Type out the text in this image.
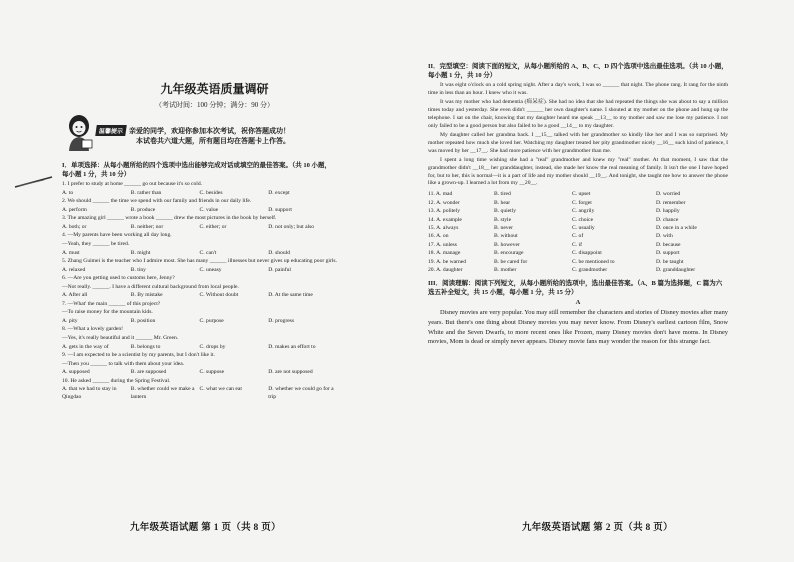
九年级英语质量调研
（考试时间：100 分钟；满分：90 分）
温馨提示 亲爱的同学，欢迎你参加本次考试，祝你答题成功！
本试卷共六道大题，所有题目均在答题卡上作答。
I．单项选择：从每小题所给的四个选项中选出能够完成对话或填空的最佳答案。（共 10 小题，每小题 1 分，共 10 分）
1. I prefer to study at home ______ go out because it's so cold.
A. to	B. rather than	C. besides	D. except
2. We should ______ the time we spend with our family and friends in our daily life.
A. perform	B. produce	C. value	D. support
3. The amazing girl ______ wrote a book ______ drew the most pictures in the book by herself.
A. both; or	B. neither; nor	C. either; or	D. not only; but also
4. —My parents have been working all day long.
—Yeah, they ______ be tired.
A. must	B. might	C. can't	D. should
5. Zhang Guimei is the teacher who I admire most. She has many ______ illnesses but never gives up educating poor girls.
A. relaxed	B. tiny	C. uneasy	D. painful
6. —Are you getting used to customs here, Jenny?
—Not really. ______. I have a different cultural background from local people.
A. After all	B. By mistake	C. Without doubt	D. At the same time
7. —What' the main ______ of this project?
—To raise money for the mountain kids.
A. pity	B. position	C. purpose	D. progress
8. —What a lovely garden!
—Yes, it's really beautiful and it ______ Mr. Green.
A. gets in the way of	B. belongs to	C. drops by	D. makes an effort to
9. —I am expected to be a scientist by my parents, but I don't like it.
—Then you ______ to talk with them about your idea.
A. supposed	B. are supposed	C. suppose	D. are not supposed
10. He asked ______ during the Spring Festival.
A. that we had to stay in Qingdao
B. whether could we make a lantern
C. what we can eat	D. whether we could go for a trip
九年级英语试题 第 1 页（共 8 页）
II．完型填空：阅读下面的短文，从每小题所给的 A、B、C、D 四个选项中选出最佳选项。（共 10 小题，每小题 1 分，共 10 分）

It was eight o'clock on a cold spring night. After a day's work, I was so ______ that night. The phone rang. It rang for the ninth time in less than an hour. I knew who it was.

It was my mother who had dementia (痴呆症). She had no idea that she had repeated the things she was about to say a million times today and yesterday. She even didn't ______ her own daughter's name. I shouted at my mother on the phone and hung up the telephone. I sat on the chair, knowing that my daughter heard me speak __13__ to my mother and saw me lose my patience. I not only failed to be a good person but also failed to be a good __14__ to my daughter.

My daughter called her grandma back. I __15__ talked with her grandmother so kindly like her and I was so surprised. My mother repeated how much she loved her. Watching my daughter treated her pity grandmother nicely __16__ such kind of patience, I was moved by her __17__. She had more patience with her grandmother than me.

I spent a long time wishing she had a "real" grandmother and knew my "real" mother. At that moment, I saw that the grandmother didn't __18__ her granddaughter, instead, she made her know the real meaning of family. It isn't the one I have hoped for, but to her, this is normal—it is a part of life and my mother should __19__. And tonight, she taught me how to answer the phone like a grown-up. I learned a lot from my __20__.

11. A. mad	B. tired	C. upset	D. worried
12. A. wonder	B. hear	C. forget	D. remember
13. A. politely	B. quietly	C. angrily	D. happily
14. A. example	B. style	C. choice	D. chance
15. A. always	B. never	C. usually	D. once in a while
16. A. on	B. without	C. of	D. with
17. A. unless	B. however	C. if	D. because
18. A. manage	B. encourage	C. disappoint	D. support
19. A. be warned	B. be cared for	C. be mentioned to	D. be taught
20. A. daughter	B. mother	C. grandmother	D. granddaughter
III．阅读理解：阅读下列短文，从每小题所给的选项中，选出最佳答案。（A、B 篇为选择题，C 篇为六选五补全短文，共 15 小题，每小题 1 分，共 15 分）
A

Disney movies are very popular. You may still remember the characters and stories of Disney movies after many years. But there's one thing about Disney movies you may never know. From Disney's earliest cartoon film, Snow White and the Seven Dwarfs, to more recent ones like Frozen, many Disney movies don't have moms. In Disney movies, Mom is dead or simply never appears. Disney movie fans may wonder the reason for this strange fact.

九年级英语试题 第 2 页（共 8 页）
